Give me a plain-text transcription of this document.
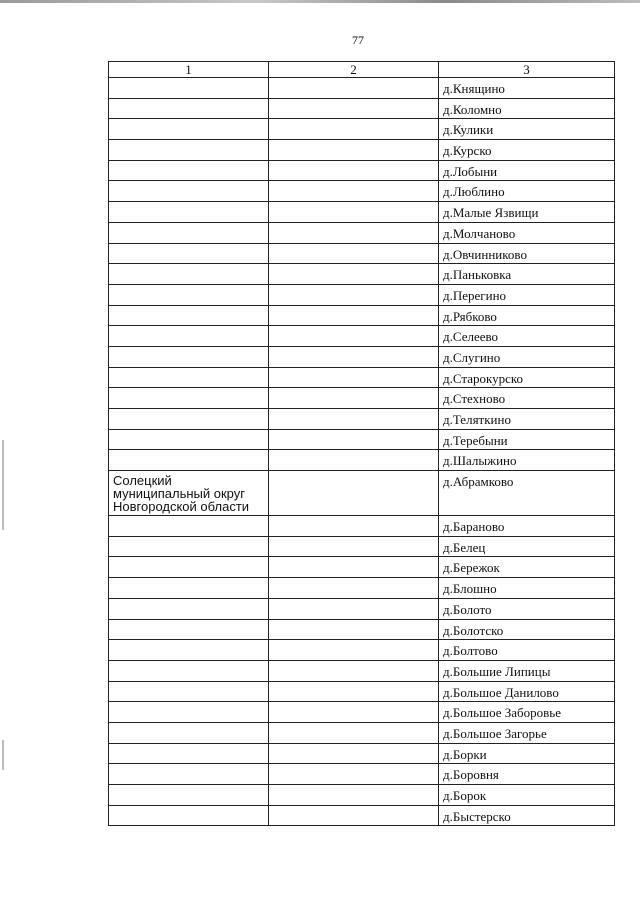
77
1	2	3
		д.Княщино
		д.Коломно
		д.Кулики
		д.Курско
		д.Лобыни
		д.Люблино
		д.Малые Язвищи
		д.Молчаново
		д.Овчинниково
		д.Паньковка
		д.Перегино
		д.Рябково
		д.Селеево
		д.Слугино
		д.Старокурско
		д.Стехново
		д.Теляткино
		д.Теребыни
		д.Шалыжино
Солецкий муниципальный округ Новгородской области		д.Абрамково
		д.Бараново
		д.Белец
		д.Бережок
		д.Блошно
		д.Болото
		д.Болотско
		д.Болтово
		д.Большие Липицы
		д.Большое Данилово
		д.Большое Заборовье
		д.Большое Загорье
		д.Борки
		д.Боровня
		д.Борок
		д.Быстерско
